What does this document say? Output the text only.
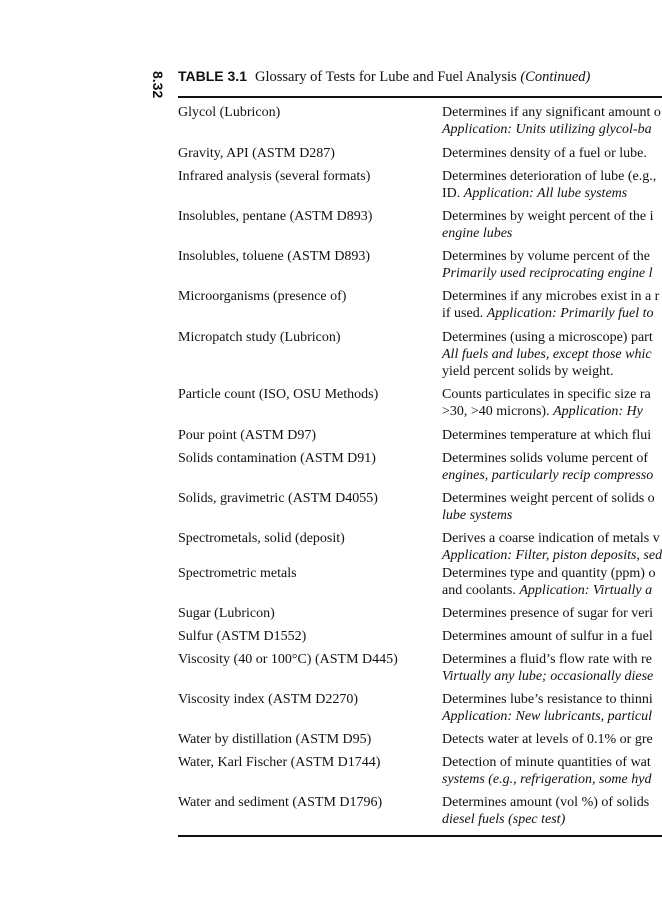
8.32 TABLE 3.1 Glossary of Tests for Lube and Fuel Analysis (Continued)
Glycol (Lubricon)	Determines if any significant amount o
Application: Units utilizing glycol-ba
Gravity, API (ASTM D287)	Determines density of a fuel or lube.
Infrared analysis (several formats)	Determines deterioration of lube (e.g.,
ID. Application: All lube systems
Insolubles, pentane (ASTM D893)	Determines by weight percent of the i
engine lubes
Insolubles, toluene (ASTM D893)	Determines by volume percent of the
Primarily used reciprocating engine l
Microorganisms (presence of)	Determines if any microbes exist in a r
if used. Application: Primarily fuel to
Micropatch study (Lubricon)	Determines (using a microscope) part
All fuels and lubes, except those whic
yield percent solids by weight.
Particle count (ISO, OSU Methods)	Counts particulates in specific size ra
>30, >40 microns). Application: Hy
Pour point (ASTM D97)	Determines temperature at which flui
Solids contamination (ASTM D91)	Determines solids volume percent of
engines, particularly recip compresso
Solids, gravimetric (ASTM D4055)	Determines weight percent of solids o
lube systems
Spectrometals, solid (deposit)	Derives a coarse indication of metals v
Application: Filter, piston deposits, sed
Spectrometric metals	Determines type and quantity (ppm) o
and coolants. Application: Virtually a
Sugar (Lubricon)	Determines presence of sugar for veri
Sulfur (ASTM D1552)	Determines amount of sulfur in a fuel
Viscosity (40 or 100°C) (ASTM D445)	Determines a fluid’s flow rate with re
Virtually any lube; occasionally diese
Viscosity index (ASTM D2270)	Determines lube’s resistance to thinni
Application: New lubricants, particul
Water by distillation (ASTM D95)	Detects water at levels of 0.1% or gre
Water, Karl Fischer (ASTM D1744)	Detection of minute quantities of wat
systems (e.g., refrigeration, some hyd
Water and sediment (ASTM D1796)	Determines amount (vol %) of solids
diesel fuels (spec test)
